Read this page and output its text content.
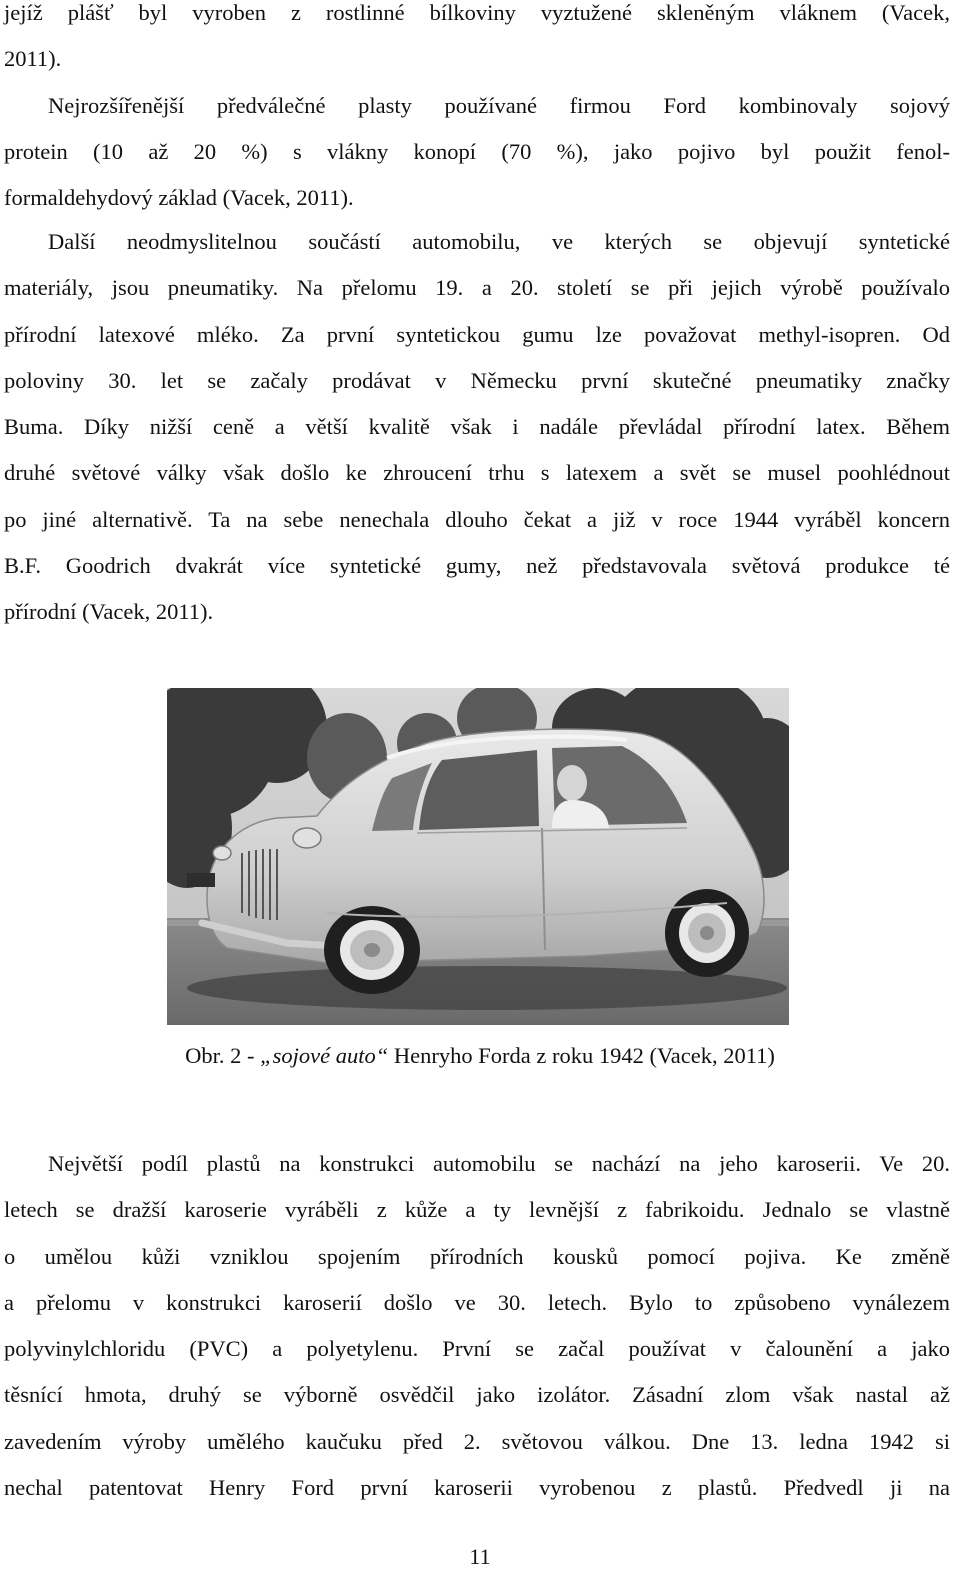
jejíž plášť byl vyroben z rostlinné bílkoviny vyztužené skleněným vláknem (Vacek,
2011).
Nejrozšířenější předválečné plasty používané firmou Ford kombinovaly sojový
protein (10 až 20 %) s vlákny konopí (70 %), jako pojivo byl použit fenol-
formaldehydový základ (Vacek, 2011).
Další neodmyslitelnou součástí automobilu, ve kterých se objevují syntetické
materiály, jsou pneumatiky. Na přelomu 19. a 20. století se při jejich výrobě používalo
přírodní latexové mléko. Za první syntetickou gumu lze považovat methyl-isopren. Od
poloviny 30. let se začaly prodávat v Německu první skutečné pneumatiky značky
Buma. Díky nižší ceně a větší kvalitě však i nadále převládal přírodní latex. Během
druhé světové války však došlo ke zhroucení trhu s latexem a svět se musel poohlédnout
po jiné alternativě. Ta na sebe nenechala dlouho čekat a již v roce 1944 vyráběl koncern
B.F. Goodrich dvakrát více syntetické gumy, než představovala světová produkce té
přírodní (Vacek, 2011).
Obr. 2 - „sojové auto“ Henryho Forda z roku 1942 (Vacek, 2011)
Největší podíl plastů na konstrukci automobilu se nachází na jeho karoserii. Ve 20.
letech se dražší karoserie vyráběli z kůže a ty levnější z fabrikoidu. Jednalo se vlastně
o umělou kůži vzniklou spojením přírodních kousků pomocí pojiva. Ke změně
a přelomu v konstrukci karoserií došlo ve 30. letech. Bylo to způsobeno vynálezem
polyvinylchloridu (PVC) a polyetylenu. První se začal používat v čalounění a jako
těsnící hmota, druhý se výborně osvědčil jako izolátor. Zásadní zlom však nastal až
zavedením výroby umělého kaučuku před 2. světovou válkou. Dne 13. ledna 1942 si
nechal patentovat Henry Ford první karoserii vyrobenou z plastů. Předvedl ji na
11
